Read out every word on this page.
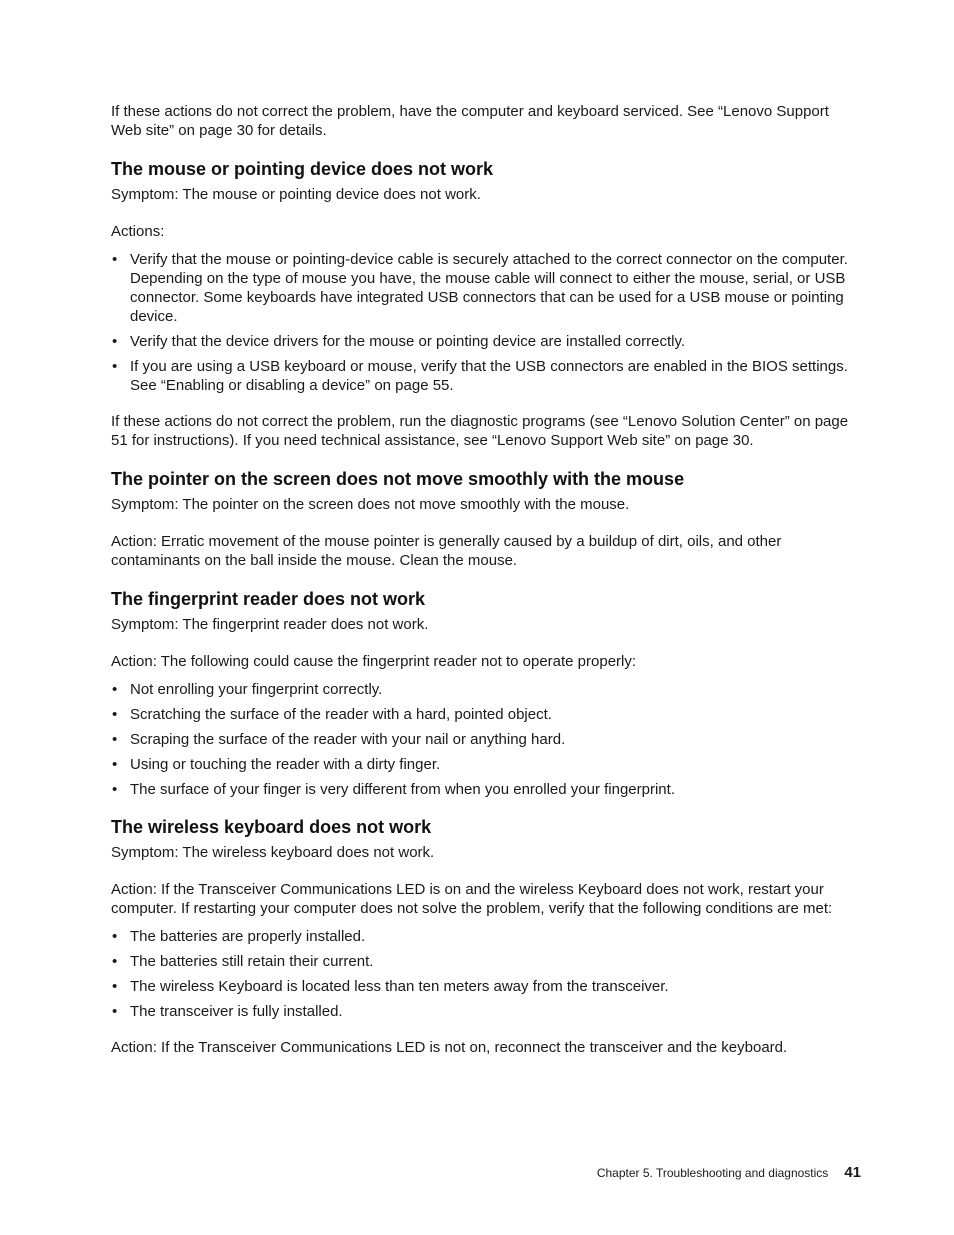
If these actions do not correct the problem, have the computer and keyboard serviced. See “Lenovo Support Web site” on page 30 for details.

The mouse or pointing device does not work

Symptom: The mouse or pointing device does not work.

Actions:

• Verify that the mouse or pointing-device cable is securely attached to the correct connector on the computer. Depending on the type of mouse you have, the mouse cable will connect to either the mouse, serial, or USB connector. Some keyboards have integrated USB connectors that can be used for a USB mouse or pointing device.
• Verify that the device drivers for the mouse or pointing device are installed correctly.
• If you are using a USB keyboard or mouse, verify that the USB connectors are enabled in the BIOS settings. See “Enabling or disabling a device” on page 55.

If these actions do not correct the problem, run the diagnostic programs (see “Lenovo Solution Center” on page 51 for instructions). If you need technical assistance, see “Lenovo Support Web site” on page 30.

The pointer on the screen does not move smoothly with the mouse

Symptom: The pointer on the screen does not move smoothly with the mouse.

Action: Erratic movement of the mouse pointer is generally caused by a buildup of dirt, oils, and other contaminants on the ball inside the mouse. Clean the mouse.

The fingerprint reader does not work

Symptom: The fingerprint reader does not work.

Action: The following could cause the fingerprint reader not to operate properly:

• Not enrolling your fingerprint correctly.
• Scratching the surface of the reader with a hard, pointed object.
• Scraping the surface of the reader with your nail or anything hard.
• Using or touching the reader with a dirty finger.
• The surface of your finger is very different from when you enrolled your fingerprint.
The wireless keyboard does not work

Symptom: The wireless keyboard does not work.

Action: If the Transceiver Communications LED is on and the wireless Keyboard does not work, restart your computer. If restarting your computer does not solve the problem, verify that the following conditions are met:

• The batteries are properly installed.
• The batteries still retain their current.
• The wireless Keyboard is located less than ten meters away from the transceiver.
• The transceiver is fully installed.

Action: If the Transceiver Communications LED is not on, reconnect the transceiver and the keyboard.

Chapter 5. Troubleshooting and diagnostics 41
